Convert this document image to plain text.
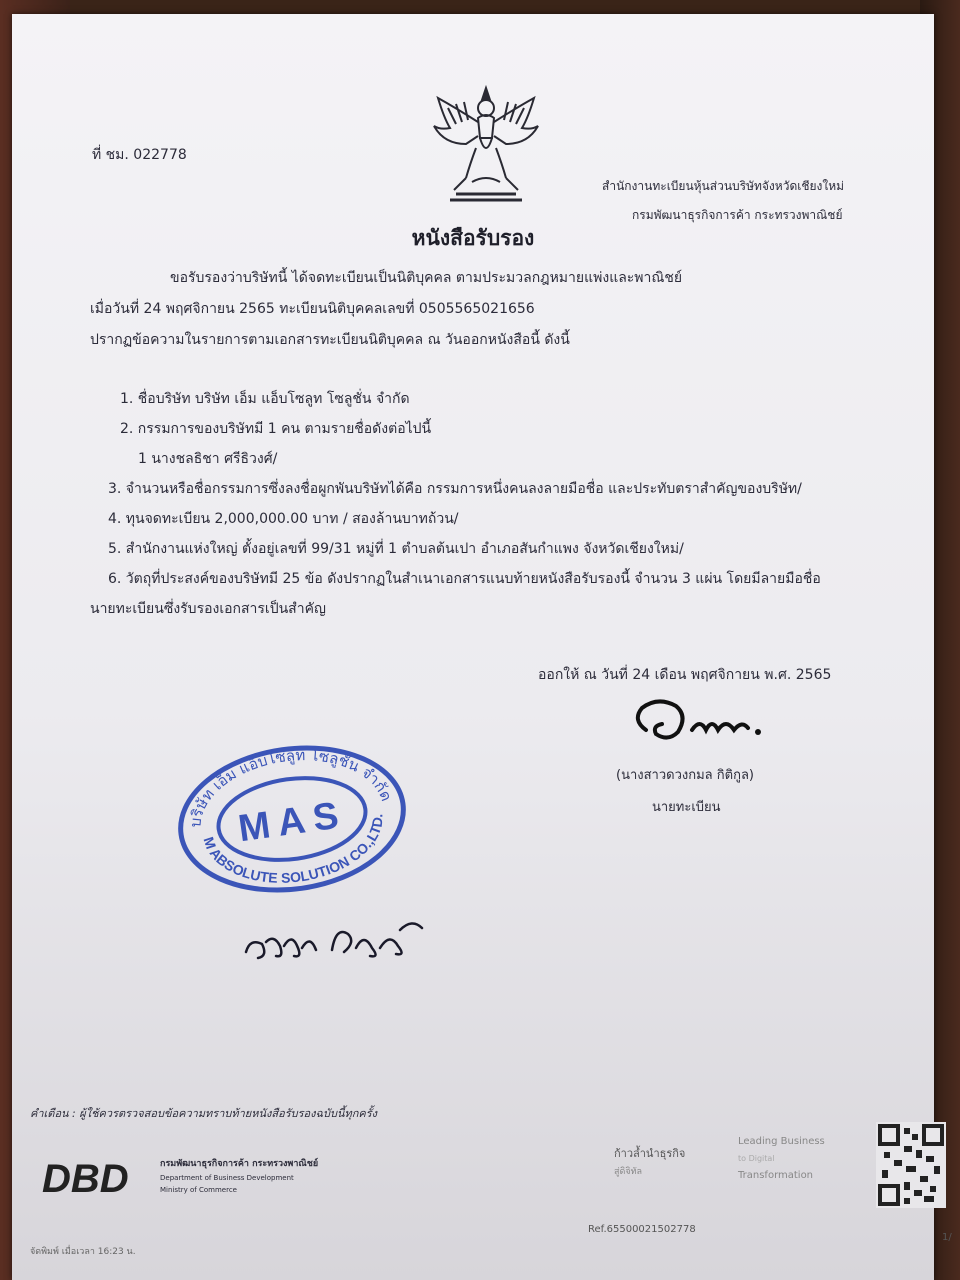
ที่ ชม. 022778
สำนักงานทะเบียนหุ้นส่วนบริษัทจังหวัดเชียงใหม่
กรมพัฒนาธุรกิจการค้า กระทรวงพาณิชย์
หนังสือรับรอง
ขอรับรองว่าบริษัทนี้ ได้จดทะเบียนเป็นนิติบุคคล ตามประมวลกฎหมายแพ่งและพาณิชย์
เมื่อวันที่ 24 พฤศจิกายน 2565 ทะเบียนนิติบุคคลเลขที่ 0505565021656
ปรากฏข้อความในรายการตามเอกสารทะเบียนนิติบุคคล ณ วันออกหนังสือนี้ ดังนี้
1. ชื่อบริษัท บริษัท เอ็ม แอ็บโซลูท โซลูชั่น จำกัด
2. กรรมการของบริษัทมี 1 คน ตามรายชื่อดังต่อไปนี้
1 นางชลธิชา ศรีธิวงศ์/
3. จำนวนหรือชื่อกรรมการซึ่งลงชื่อผูกพันบริษัทได้คือ กรรมการหนึ่งคนลงลายมือชื่อ และประทับตราสำคัญของบริษัท/
4. ทุนจดทะเบียน 2,000,000.00 บาท / สองล้านบาทถ้วน/
5. สำนักงานแห่งใหญ่ ตั้งอยู่เลขที่ 99/31 หมู่ที่ 1 ตำบลต้นเปา อำเภอสันกำแพง จังหวัดเชียงใหม่/
6. วัตถุที่ประสงค์ของบริษัทมี 25 ข้อ ดังปรากฏในสำเนาเอกสารแนบท้ายหนังสือรับรองนี้ จำนวน 3 แผ่น โดยมีลายมือชื่อ
นายทะเบียนซึ่งรับรองเอกสารเป็นสำคัญ
ออกให้ ณ วันที่ 24 เดือน พฤศจิกายน พ.ศ. 2565
(นางสาวดวงกมล กิติกูล)
นายทะเบียน
MAS
บริษัท เอ็ม แอ็บโซลูท โซลูชั่น จำกัด
M ABSOLUTE SOLUTION CO.,LTD.
คำเตือน : ผู้ใช้ควรตรวจสอบข้อความทราบท้ายหนังสือรับรองฉบับนี้ทุกครั้ง
DBD	กรมพัฒนาธุรกิจการค้า กระทรวงพาณิชย์
Department of Business Development
Ministry of Commerce
ก้าวล้ำนำธุรกิจ
สู่ดิจิทัล
Leading Business
to Digital
Transformation
Ref.65500021502778
จัดพิมพ์ เมื่อเวลา 16:23 น.
1/
